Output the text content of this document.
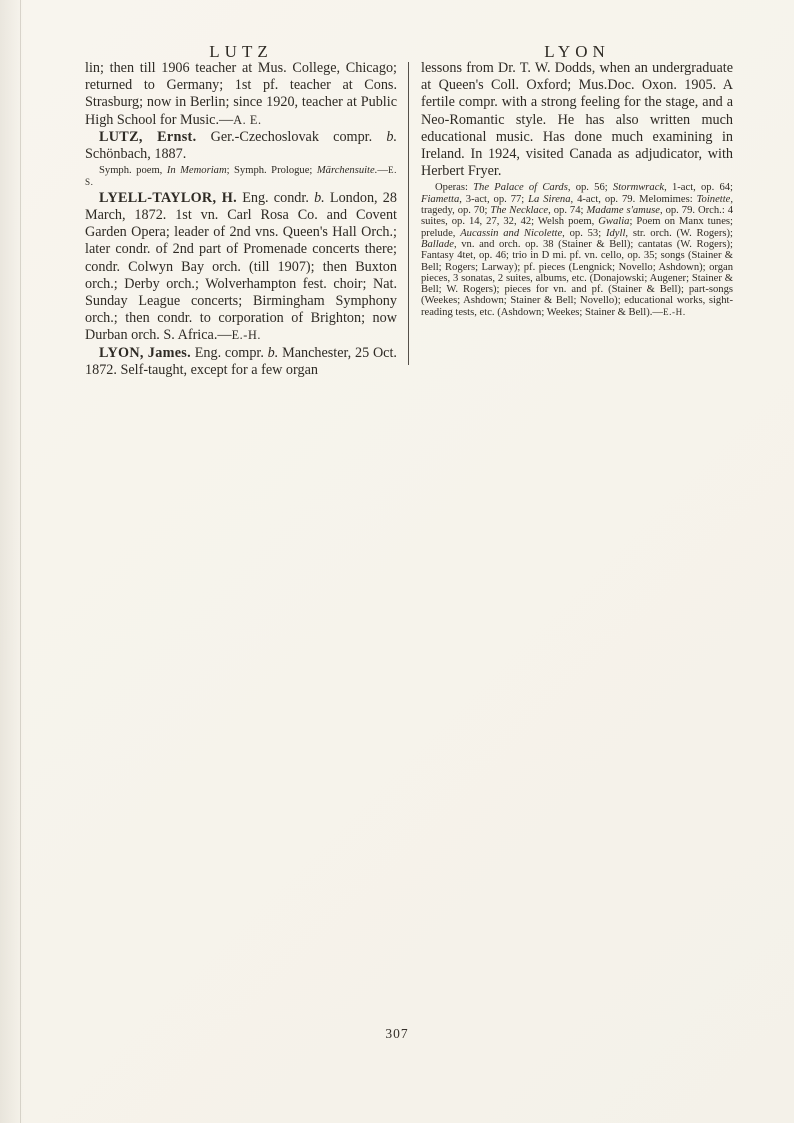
LUTZ	LYON

lin; then till 1906 teacher at Mus. College, Chicago; returned to Germany; 1st pf. teacher at Cons. Strasburg; now in Berlin; since 1920, teacher at Public High School for Music.—A. E.

LUTZ, Ernst. Ger.-Czechoslovak compr. b. Schönbach, 1887.

Symph. poem, In Memoriam; Symph. Prologue; Märchensuite.—E. S.

LYELL-TAYLOR, H. Eng. condr. b. London, 28 March, 1872. 1st vn. Carl Rosa Co. and Covent Garden Opera; leader of 2nd vns. Queen's Hall Orch.; later condr. of 2nd part of Promenade concerts there; condr. Colwyn Bay orch. (till 1907); then Buxton orch.; Derby orch.; Wolverhampton fest. choir; Nat. Sunday League concerts; Birmingham Symphony orch.; then condr. to corporation of Brighton; now Durban orch. S. Africa.—E.-H.

LYON, James. Eng. compr. b. Manchester, 25 Oct. 1872. Self-taught, except for a few organ

lessons from Dr. T. W. Dodds, when an undergraduate at Queen's Coll. Oxford; Mus.Doc. Oxon. 1905. A fertile compr. with a strong feeling for the stage, and a Neo-Romantic style. He has also written much educational music. Has done much examining in Ireland. In 1924, visited Canada as adjudicator, with Herbert Fryer.

Operas: The Palace of Cards, op. 56; Stormwrack, 1-act, op. 64; Fiametta, 3-act, op. 77; La Sirena, 4-act, op. 79. Melomimes: Toinette, tragedy, op. 70; The Necklace, op. 74; Madame s'amuse, op. 79. Orch.: 4 suites, op. 14, 27, 32, 42; Welsh poem, Gwalia; Poem on Manx tunes; prelude, Aucassin and Nicolette, op. 53; Idyll, str. orch. (W. Rogers); Ballade, vn. and orch. op. 38 (Stainer & Bell); cantatas (W. Rogers); Fantasy 4tet, op. 46; trio in D mi. pf. vn. cello, op. 35; songs (Stainer & Bell; Rogers; Larway); pf. pieces (Lengnick; Novello; Ashdown); organ pieces, 3 sonatas, 2 suites, albums, etc. (Donajowski; Augener; Stainer & Bell; W. Rogers); pieces for vn. and pf. (Stainer & Bell); part-songs (Weekes; Ashdown; Stainer & Bell; Novello); educational works, sight-reading tests, etc. (Ashdown; Weekes; Stainer & Bell).—E.-H.

307
